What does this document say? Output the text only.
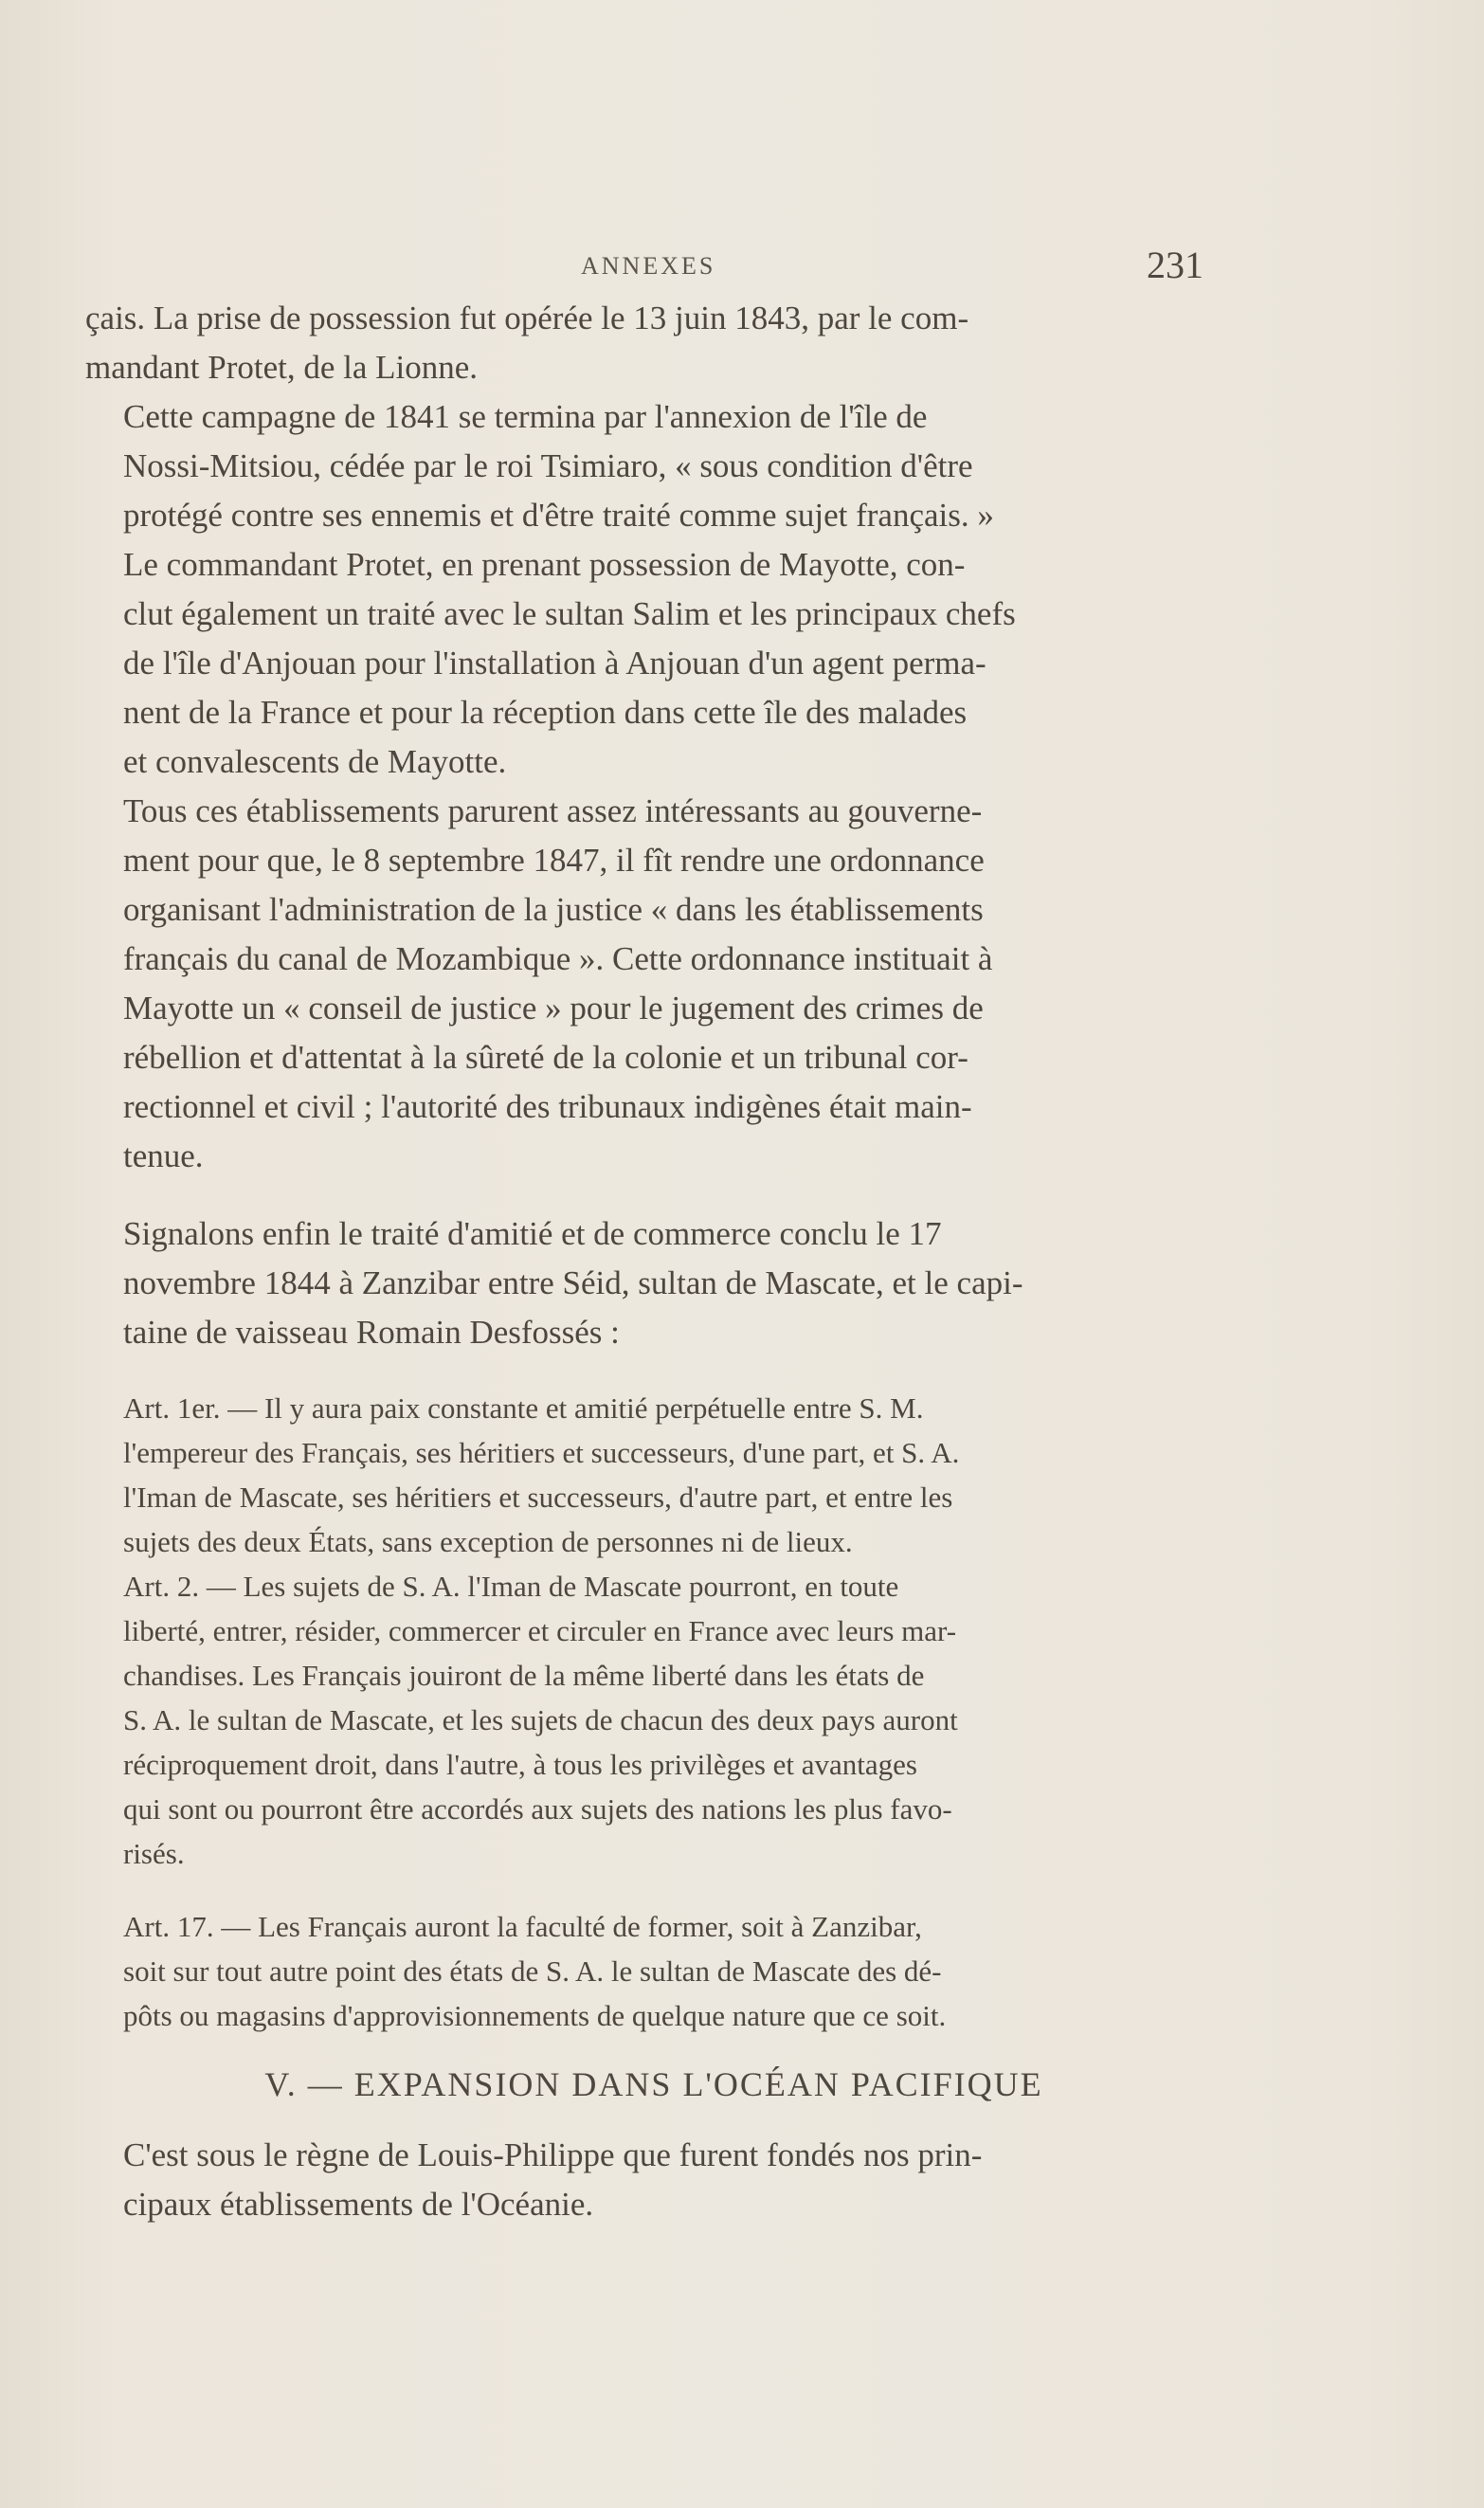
ANNEXES	231

çais. La prise de possession fut opérée le 13 juin 1843, par le com-
mandant Protet, de la Lionne.

Cette campagne de 1841 se termina par l'annexion de l'île de
Nossi-Mitsiou, cédée par le roi Tsimiaro, « sous condition d'être
protégé contre ses ennemis et d'être traité comme sujet français. »

Le commandant Protet, en prenant possession de Mayotte, con-
clut également un traité avec le sultan Salim et les principaux chefs
de l'île d'Anjouan pour l'installation à Anjouan d'un agent perma-
nent de la France et pour la réception dans cette île des malades
et convalescents de Mayotte.

Tous ces établissements parurent assez intéressants au gouverne-
ment pour que, le 8 septembre 1847, il fît rendre une ordonnance
organisant l'administration de la justice « dans les établissements
français du canal de Mozambique ». Cette ordonnance instituait à
Mayotte un « conseil de justice » pour le jugement des crimes de
rébellion et d'attentat à la sûreté de la colonie et un tribunal cor-
rectionnel et civil ; l'autorité des tribunaux indigènes était main-
tenue.

Signalons enfin le traité d'amitié et de commerce conclu le 17
novembre 1844 à Zanzibar entre Séid, sultan de Mascate, et le capi-
taine de vaisseau Romain Desfossés :

Art. 1er. — Il y aura paix constante et amitié perpétuelle entre S. M.
l'empereur des Français, ses héritiers et successeurs, d'une part, et S. A.
l'Iman de Mascate, ses héritiers et successeurs, d'autre part, et entre les
sujets des deux États, sans exception de personnes ni de lieux.

Art. 2. — Les sujets de S. A. l'Iman de Mascate pourront, en toute
liberté, entrer, résider, commercer et circuler en France avec leurs mar-
chandises. Les Français jouiront de la même liberté dans les états de
S. A. le sultan de Mascate, et les sujets de chacun des deux pays auront
réciproquement droit, dans l'autre, à tous les privilèges et avantages
qui sont ou pourront être accordés aux sujets des nations les plus favo-
risés.

Art. 17. — Les Français auront la faculté de former, soit à Zanzibar,
soit sur tout autre point des états de S. A. le sultan de Mascate des dé-
pôts ou magasins d'approvisionnements de quelque nature que ce soit.

V. — EXPANSION DANS L'OCÉAN PACIFIQUE

C'est sous le règne de Louis-Philippe que furent fondés nos prin-
cipaux établissements de l'Océanie.
